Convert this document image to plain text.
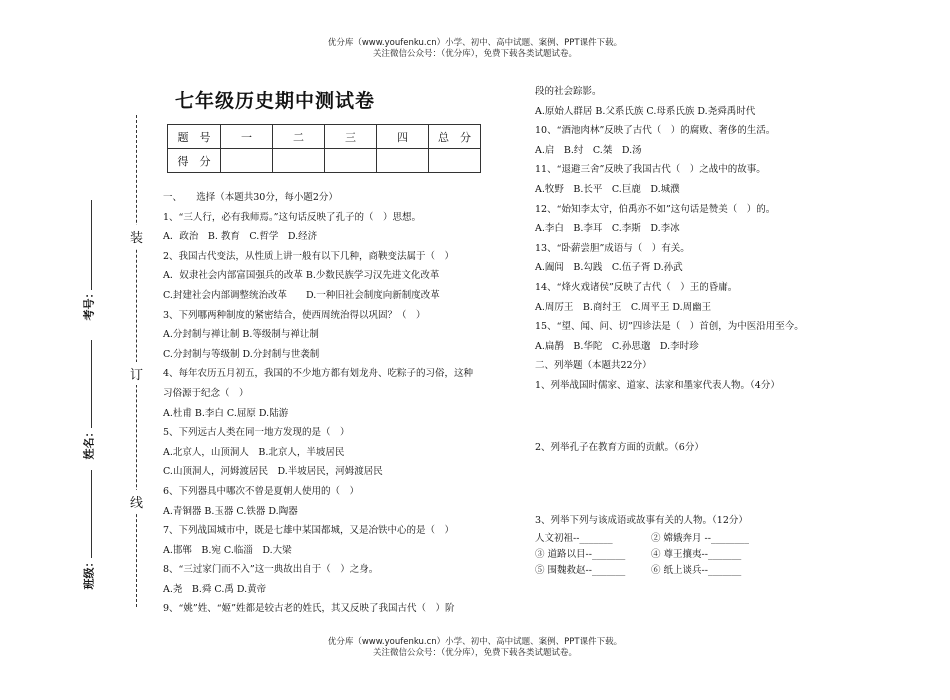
优分库（www.youfenku.cn）小学、初中、高中试题、案例、PPT课件下载。
关注微信公众号：（优分库），免费下载各类试题试卷。
七年级历史期中测试卷
题　号	一	二	三	四	总　分
得　分					
装
订
线
考号：
姓名：
班级：

一、　　选择（本题共30分，每小题2分）

1、“三人行，必有我师焉。”这句话反映了孔子的（　）思想。

A．政治　B. 教育　C.哲学　D.经济

2、我国古代变法，从性质上讲一般有以下几种，商鞅变法属于（　）

A．奴隶社会内部富国强兵的改革 B.少数民族学习汉先进文化改革

C.封建社会内部调整统治改革　　D.一种旧社会制度向新制度改革

3、下列哪两种制度的紧密结合，使西周统治得以巩固？（　）

A.分封制与禅让制 B.等级制与禅让制

C.分封制与等级制 D.分封制与世袭制

4、每年农历五月初五，我国的不少地方都有划龙舟、吃粽子的习俗，这种

习俗源于纪念（　）

A.杜甫 B.李白 C.屈原 D.陆游

5、下列远古人类在同一地方发现的是（　）

A.北京人，山顶洞人　B.北京人，半坡居民

C.山顶洞人，河姆渡居民　D.半坡居民，河姆渡居民

6、下列器具中哪次不曾是夏朝人使用的（　）

A.青铜器 B.玉器 C.铁器 D.陶器

7、下列战国城市中，既是七雄中某国都城，又是冶铁中心的是（　）

A.邯郸　B.宛 C.临淄　D.大梁

8、“三过家门而不入”这一典故出自于（　）之身。

A.尧　B.舜 C.禹 D.黄帝

9、“姚”姓、“姬”姓都是较古老的姓氏，其又反映了我国古代（　）阶

段的社会踪影。

A.原始人群居 B.父系氏族 C.母系氏族 D.尧舜禹时代

10、“酒池肉林”反映了古代（　）的腐败、奢侈的生活。

A.启　B.纣　C.桀　D.汤

11、“退避三舍”反映了我国古代（　）之战中的故事。

A.牧野　B.长平　C.巨鹿　D.城濮

12、“始知李太守，伯禹亦不如”这句话是赞美（　）的。

A.李白　B.李耳　C.李斯　D.李冰

13、“卧薪尝胆”成语与（　）有关。

A.阖闾　B.勾践　C.伍子胥 D.孙武

14、“烽火戏诸侯”反映了古代（　）王的昏庸。

A.周厉王　B.商纣王　C.周平王 D.周幽王

15、“望、闻、问、切”四诊法是（　）首创，为中医沿用至今。

A.扁鹊　B.华陀　C.孙思邈　D.李时珍

二、列举题（本题共22分）

1、列举战国时儒家、道家、法家和墨家代表人物。（4分）

2、列举孔子在教育方面的贡献。（6分）

3、列举下列与该成语或故事有关的人物。（12分）

人文初祖--_______	② 嫦娥奔月 --________

③ 道路以目--_______	④ 尊王攘夷--_______

⑤ 围魏救赵--_______	⑥ 纸上谈兵--_______

优分库（www.youfenku.cn）小学、初中、高中试题、案例、PPT课件下载。
关注微信公众号：（优分库），免费下载各类试题试卷。
